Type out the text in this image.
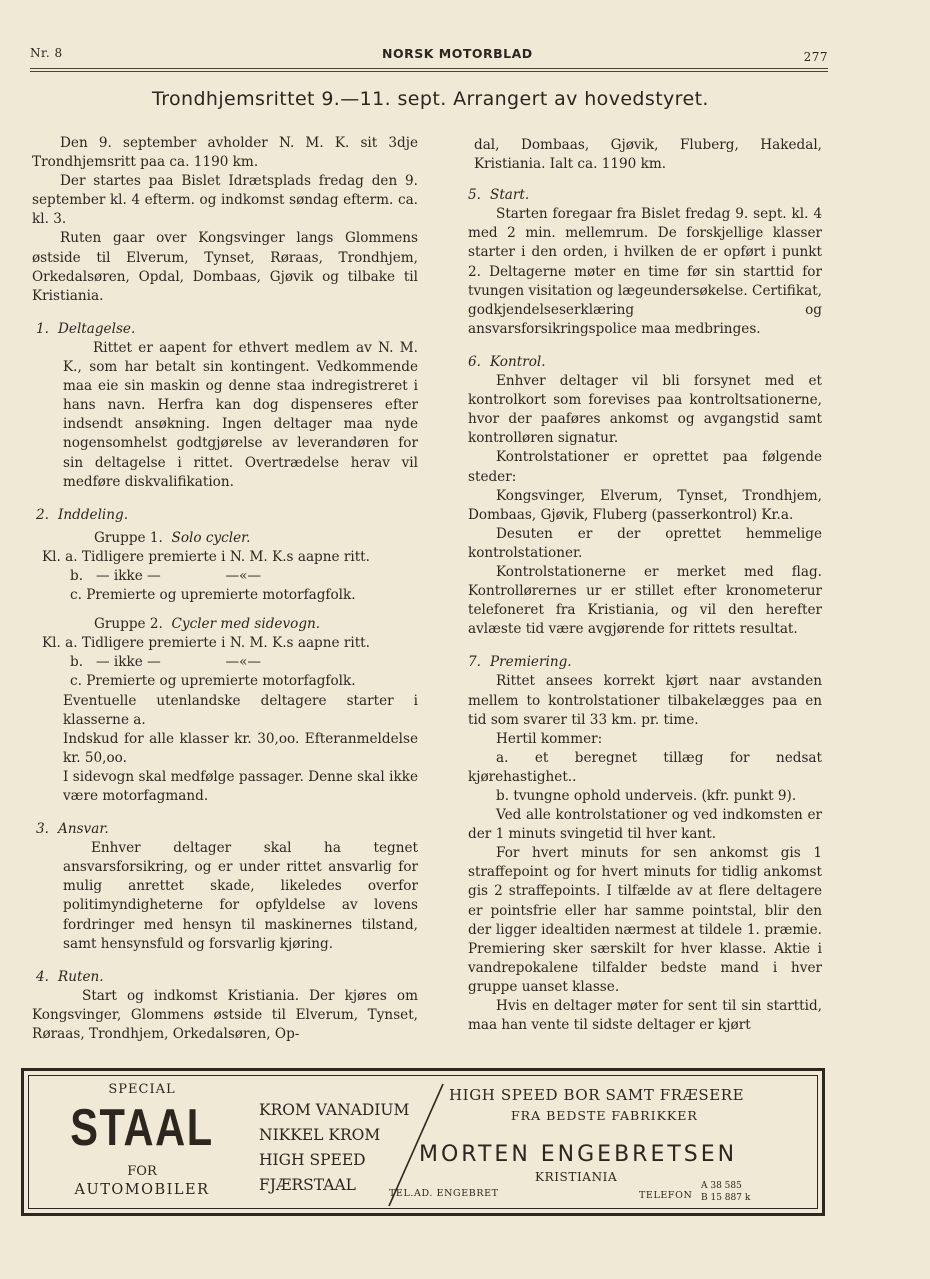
Nr. 8	NORSK MOTORBLAD	277
Trondhjemsrittet 9.—11. sept. Arrangert av hovedstyret.

Den 9. september avholder N. M. K. sit 3dje Trondhjemsritt paa ca. 1190 km.

Der startes paa Bislet Idrætsplads fredag den 9. september kl. 4 efterm. og indkomst søndag efterm. ca. kl. 3.

Ruten gaar over Kongsvinger langs Glommens østside til Elverum, Tynset, Røraas, Trondhjem, Orkedalsøren, Opdal, Dombaas, Gjøvik og tilbake til Kristiania.

1. Deltagelse.

Rittet er aapent for ethvert medlem av N. M. K., som har betalt sin kontingent. Vedkommende maa eie sin maskin og denne staa indregistreret i hans navn. Herfra kan dog dispenseres efter indsendt ansøkning. Ingen deltager maa nyde nogensomhelst godtgjørelse av leverandøren for sin deltagelse i rittet. Overtrædelse herav vil medføre diskvalifikation.

2. Inddeling.

Gruppe 1. Solo cycler.

Kl. a. Tidligere premierte i N. M. K.s aapne ritt.

b.   — ikke —               —«—

c. Premierte og upremierte motorfagfolk.

Gruppe 2. Cycler med sidevogn.

Kl. a. Tidligere premierte i N. M. K.s aapne ritt.

b.   — ikke —               —«—

c. Premierte og upremierte motorfagfolk.

Eventuelle utenlandske deltagere starter i klasserne a.

Indskud for alle klasser kr. 30,oo. Efteranmeldelse kr. 50,oo.

I sidevogn skal medfølge passager. Denne skal ikke være motorfagmand.

3. Ansvar.

Enhver deltager skal ha tegnet ansvarsforsikring, og er under rittet ansvarlig for mulig anrettet skade, likeledes overfor politimyndigheterne for opfyldelse av lovens fordringer med hensyn til maskinernes tilstand, samt hensynsfuld og forsvarlig kjøring.

4. Ruten.

Start og indkomst Kristiania. Der kjøres om Kongsvinger, Glommens østside til Elverum, Tynset, Røraas, Trondhjem, Orkedalsøren, Op-

dal, Dombaas, Gjøvik, Fluberg, Hakedal, Kristiania. Ialt ca. 1190 km.

5. Start.

Starten foregaar fra Bislet fredag 9. sept. kl. 4 med 2 min. mellemrum. De forskjellige klasser starter i den orden, i hvilken de er opført i punkt 2. Deltagerne møter en time før sin starttid for tvungen visitation og lægeundersøkelse. Certifikat, godkjendelseserklæring og ansvarsforsikringspolice maa medbringes.

6. Kontrol.

Enhver deltager vil bli forsynet med et kontrolkort som forevises paa kontroltsationerne, hvor der paaføres ankomst og avgangstid samt kontrolløren signatur.

Kontrolstationer er oprettet paa følgende steder:

Kongsvinger, Elverum, Tynset, Trondhjem, Dombaas, Gjøvik, Fluberg (passerkontrol) Kr.a.

Desuten er der oprettet hemmelige kontrolstationer.

Kontrolstationerne er merket med flag. Kontrollørernes ur er stillet efter kronometerur telefoneret fra Kristiania, og vil den herefter avlæste tid være avgjørende for rittets resultat.

7. Premiering.

Rittet ansees korrekt kjørt naar avstanden mellem to kontrolstationer tilbakelægges paa en tid som svarer til 33 km. pr. time.

Hertil kommer:

a. et beregnet tillæg for nedsat kjørehastighet..

b. tvungne ophold underveis. (kfr. punkt 9).

Ved alle kontrolstationer og ved indkomsten er der 1 minuts svingetid til hver kant.

For hvert minuts for sen ankomst gis 1 straffepoint og for hvert minuts for tidlig ankomst gis 2 straffepoints. I tilfælde av at flere deltagere er pointsfrie eller har samme pointstal, blir den der ligger idealtiden nærmest at tildele 1. præmie. Premiering sker særskilt for hver klasse. Aktie i vandrepokalene tilfalder bedste mand i hver gruppe uanset klasse.

Hvis en deltager møter for sent til sin starttid, maa han vente til sidste deltager er kjørt

SPECIAL
STAAL
FOR
AUTOMOBILER
KROM VANADIUM
NIKKEL KROM
HIGH SPEED
FJÆRSTAAL
HIGH SPEED BOR SAMT FRÆSERE
FRA BEDSTE FABRIKKER
MORTEN ENGEBRETSEN
KRISTIANIA
TEL.AD. ENGEBRET	TELEFON
A 38 585
B 15 887 k
